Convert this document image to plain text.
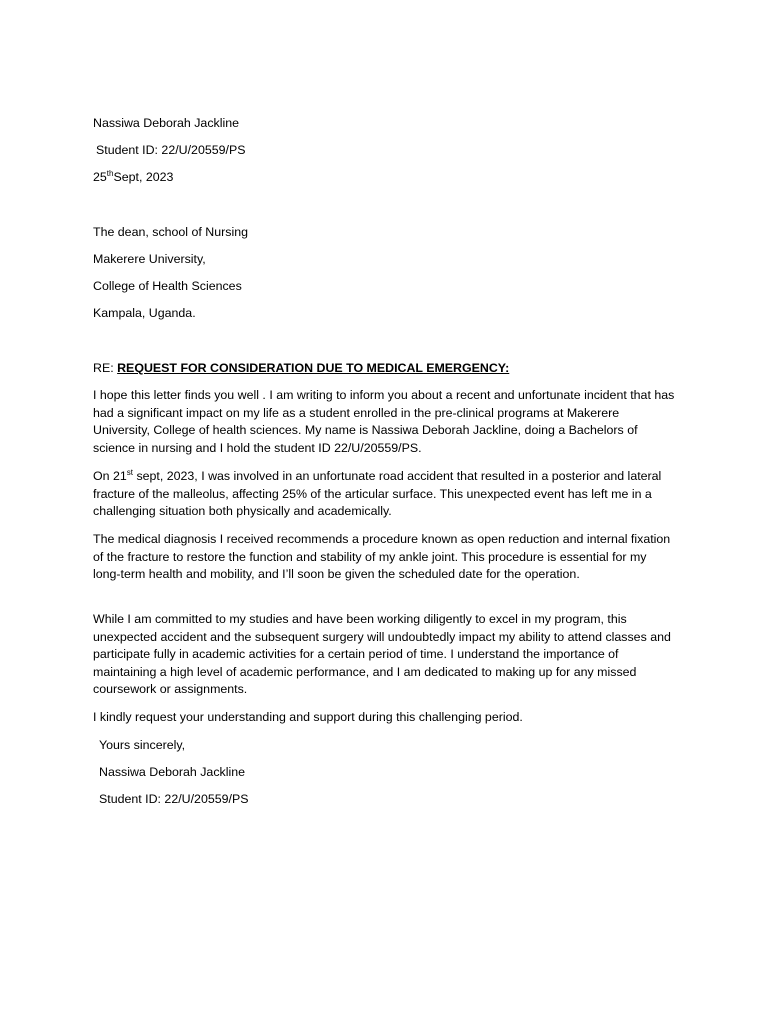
Nassiwa Deborah Jackline
Student ID: 22/U/20559/PS
25thSept, 2023
The dean, school of Nursing
Makerere University,
College of Health Sciences
Kampala, Uganda.
RE: REQUEST FOR CONSIDERATION DUE TO MEDICAL EMERGENCY:
I hope this letter finds you well . I am writing to inform you about a recent and unfortunate incident that has had a significant impact on my life as a student enrolled in the pre-clinical programs at Makerere University, College of health sciences. My name is Nassiwa Deborah Jackline, doing a Bachelors of science in nursing and I hold the student ID 22/U/20559/PS.
On 21st sept, 2023, I was involved in an unfortunate road accident that resulted in a posterior and lateral fracture of the malleolus, affecting 25% of the articular surface. This unexpected event has left me in a challenging situation both physically and academically.
The medical diagnosis I received recommends a procedure known as open reduction and internal fixation of the fracture to restore the function and stability of my ankle joint. This procedure is essential for my long-term health and mobility, and I’ll soon be given the scheduled date for the operation.
While I am committed to my studies and have been working diligently to excel in my program, this unexpected accident and the subsequent surgery will undoubtedly impact my ability to attend classes and participate fully in academic activities for a certain period of time. I understand the importance of maintaining a high level of academic performance, and I am dedicated to making up for any missed coursework or assignments.
I kindly request your understanding and support during this challenging period.
Yours sincerely,
Nassiwa Deborah Jackline
Student ID: 22/U/20559/PS
